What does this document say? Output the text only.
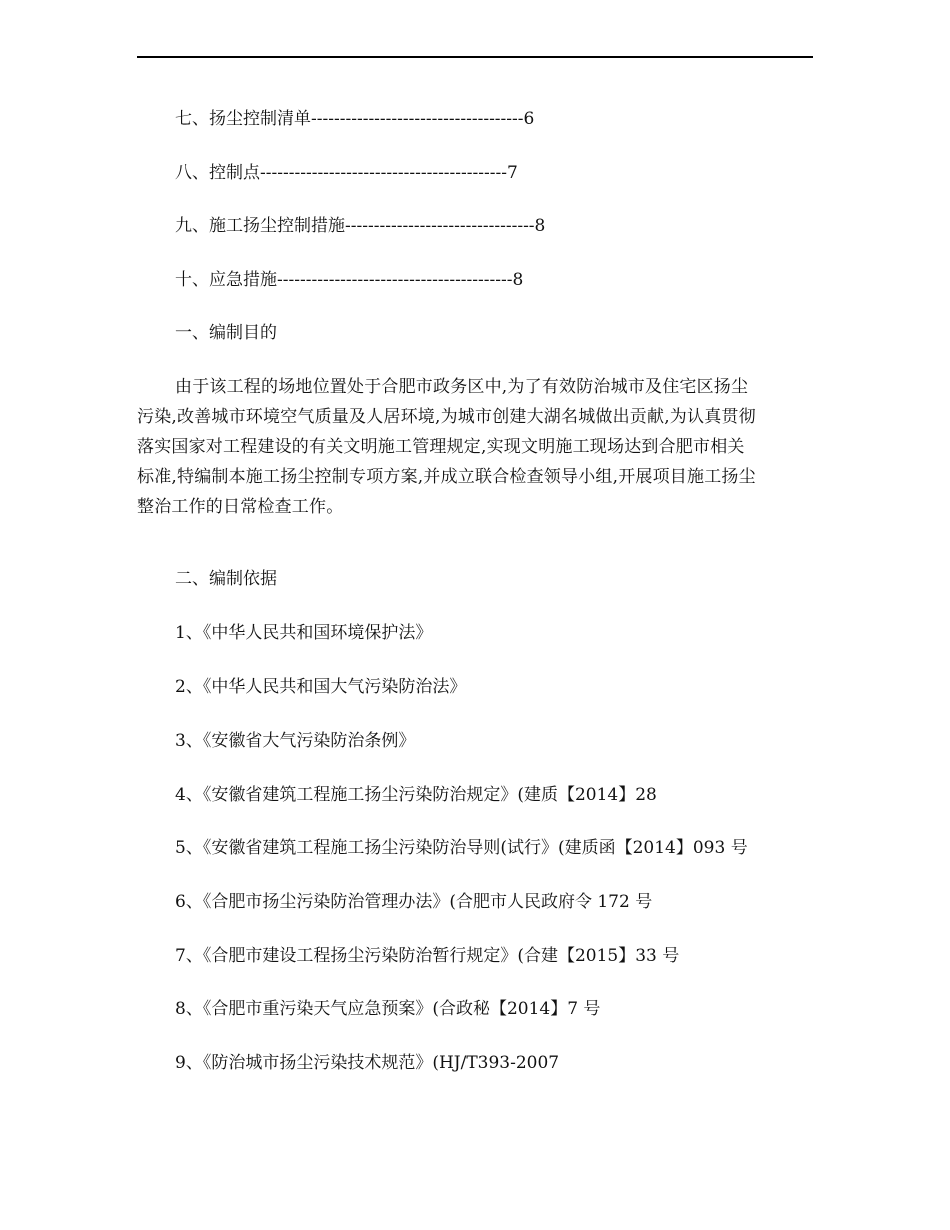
七、扬尘控制清单-------------------------------------6
八、控制点-------------------------------------------7
九、施工扬尘控制措施---------------------------------8
十、应急措施-----------------------------------------8
一、编制目的

由于该工程的场地位置处于合肥市政务区中,为了有效防治城市及住宅区扬尘

污染,改善城市环境空气质量及人居环境,为城市创建大湖名城做出贡献,为认真贯彻

落实国家对工程建设的有关文明施工管理规定,实现文明施工现场达到合肥市相关

标准,特编制本施工扬尘控制专项方案,并成立联合检查领导小组,开展项目施工扬尘

整治工作的日常检查工作。

二、编制依据
1、《中华人民共和国环境保护法》
2、《中华人民共和国大气污染防治法》
3、《安徽省大气污染防治条例》
4、《安徽省建筑工程施工扬尘污染防治规定》(建质【2014】28
5、《安徽省建筑工程施工扬尘污染防治导则(试行》(建质函【2014】093 号
6、《合肥市扬尘污染防治管理办法》(合肥市人民政府令 172 号
7、《合肥市建设工程扬尘污染防治暂行规定》(合建【2015】33 号
8、《合肥市重污染天气应急预案》(合政秘【2014】7 号
9、《防治城市扬尘污染技术规范》(HJ/T393-2007
